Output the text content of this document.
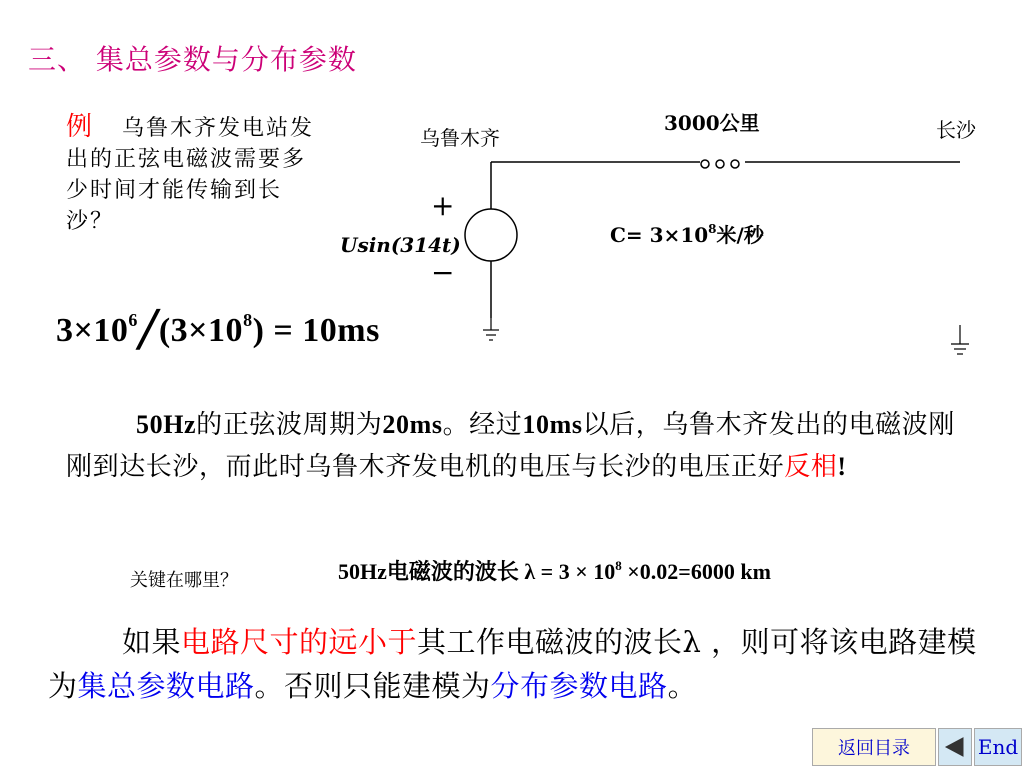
三、 集总参数与分布参数
例 乌鲁木齐发电站发出的正弦电磁波需要多少时间才能传输到长沙？
乌鲁木齐	长沙
3000公里
+
−
Usin(314t)	$C= 3\times 10^8$米/秒
$3\times 10^6╱(3\times 10^8) = 10ms$
50Hz的正弦波周期为20ms。经过10ms以后，乌鲁木齐发出的电磁波刚刚到达长沙，而此时乌鲁木齐发电机的电压与长沙的电压正好反相!
关键在哪里？	50Hz电磁波的波长 $\lambda = 3 \times 10^8 \times 0.02=6000$ km
如果电路尺寸的远小于其工作电磁波的波长λ ，则可将该电路建模为集总参数电路。否则只能建模为分布参数电路。
返回目录	End
